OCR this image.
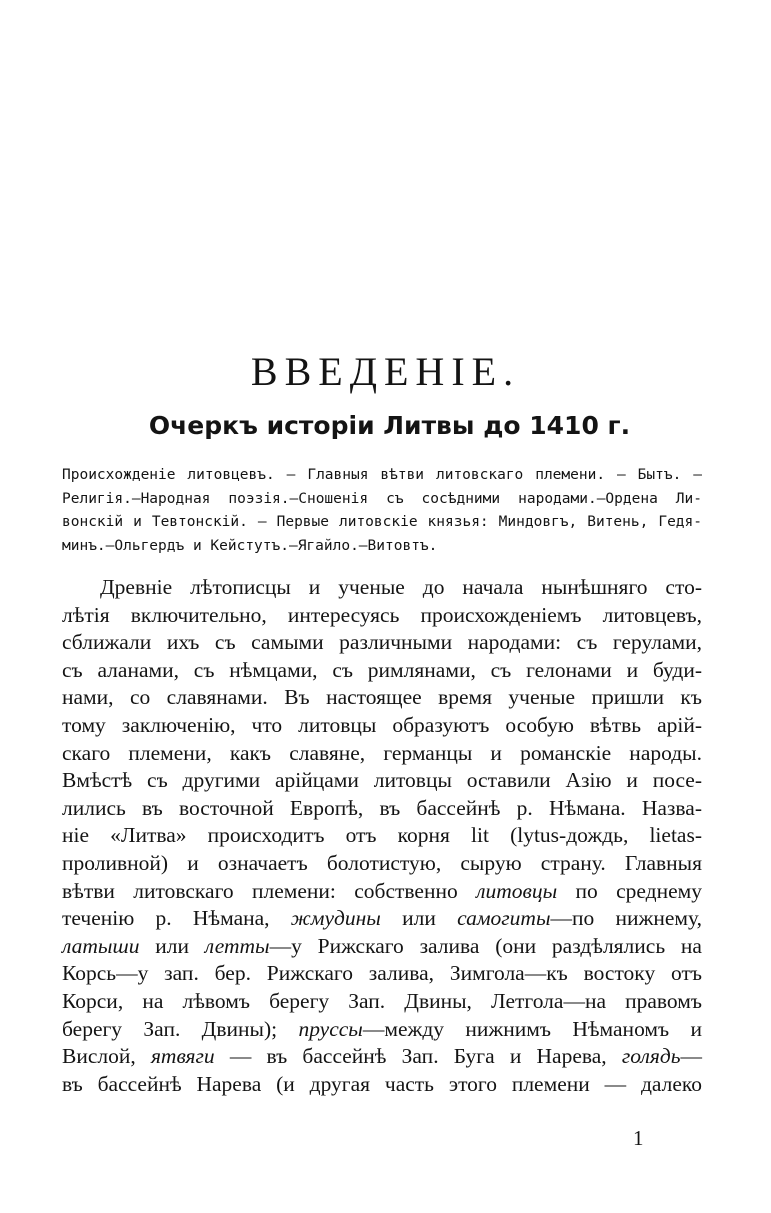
ВВЕДЕНІЕ.
Очеркъ исторіи Литвы до 1410 г.
Происхожденіе литовцевъ. — Главныя вѣтви литовскаго племени. — Бытъ. —
Религія.—Народная поэзія.—Сношенія съ сосѣдними народами.—Ордена Ли-
вонскій и Тевтонскій. — Первые литовскіе князья: Миндовгъ, Витень, Гедя-
минъ.—Ольгердъ и Кейстутъ.—Ягайло.—Витовтъ.
Древніе лѣтописцы и ученые до начала нынѣшняго сто-
лѣтія включительно, интересуясь происхожденіемъ литовцевъ,
сближали ихъ съ самыми различными народами: съ герулами,
съ аланами, съ нѣмцами, съ римлянами, съ гелонами и буди-
нами, со славянами. Въ настоящее время ученые пришли къ
тому заключенію, что литовцы образуютъ особую вѣтвь арій-
скаго племени, какъ славяне, германцы и романскіе народы.
Вмѣстѣ съ другими арійцами литовцы оставили Азію и посе-
лились въ восточной Европѣ, въ бассейнѣ р. Нѣмана. Назва-
ніе «Литва» происходитъ отъ корня lit (lytus-дождь, lietas-
проливной) и означаетъ болотистую, сырую страну. Главныя
вѣтви литовскаго племени: собственно литовцы по среднему
теченію р. Нѣмана, жмудины или самогиты—по нижнему,
латыши или летты—у Рижскаго залива (они раздѣлялись на
Корсь—у зап. бер. Рижскаго залива, Зимгола—къ востоку отъ
Корси, на лѣвомъ берегу Зап. Двины, Летгола—на правомъ
берегу Зап. Двины); пруссы—между нижнимъ Нѣманомъ и
Вислой, ятвяги — въ бассейнѣ Зап. Буга и Нарева, голядь—
въ бассейнѣ Нарева (и другая часть этого племени — далеко
1
